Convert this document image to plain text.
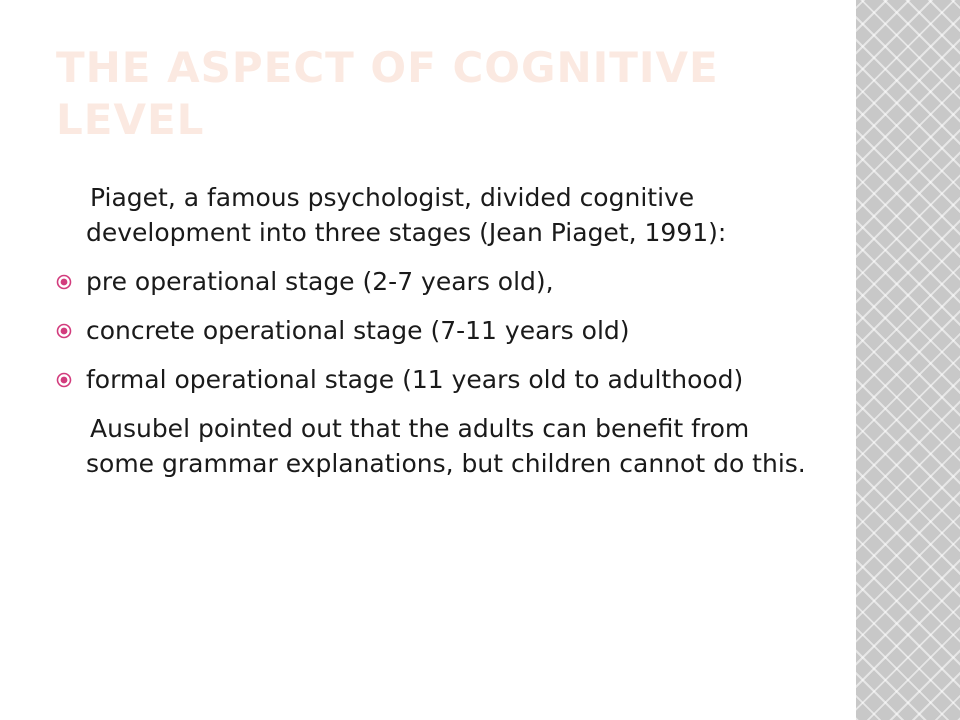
THE ASPECT OF COGNITIVE LEVEL

Piaget, a famous psychologist, divided cognitive development into three stages (Jean Piaget, 1991):

pre operational stage (2-7 years old),
concrete operational stage (7-11 years old)
formal operational stage (11 years old to adulthood)

Ausubel pointed out that the adults can benefit from some grammar explanations, but children cannot do this.
